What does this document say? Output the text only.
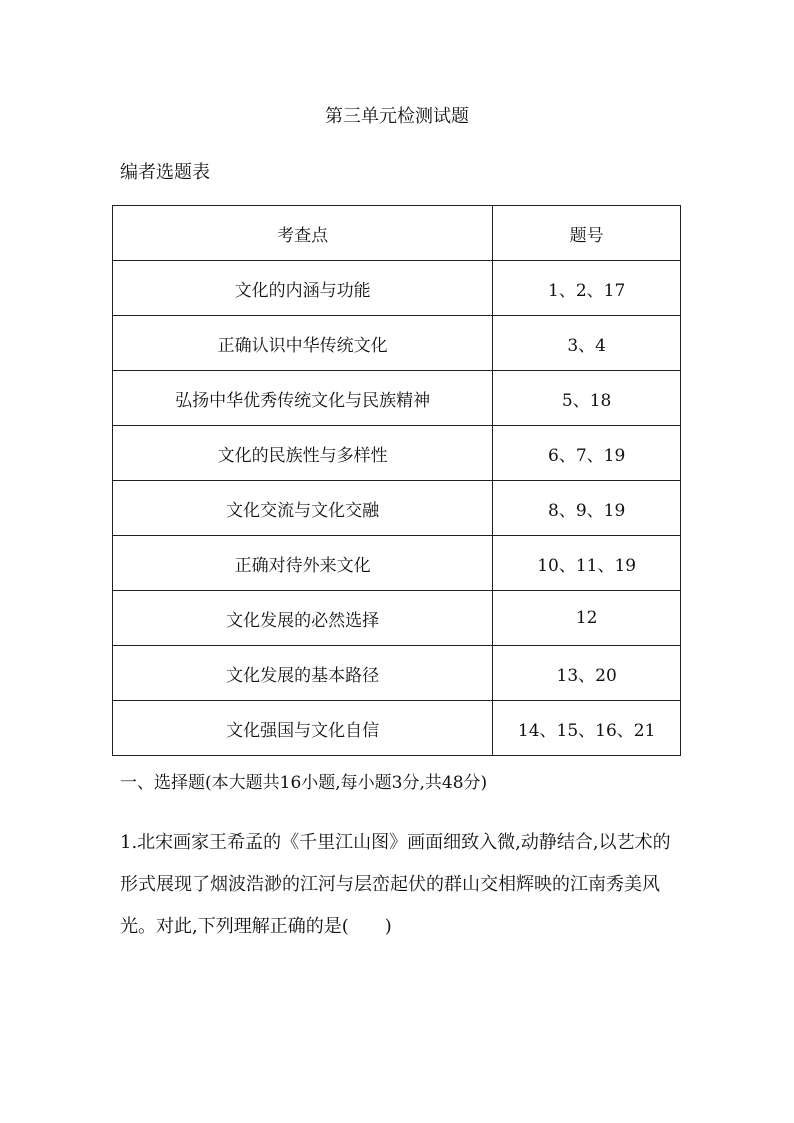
第三单元检测试题
编者选题表
考查点	题号
文化的内涵与功能	1、2、17
正确认识中华传统文化	3、4
弘扬中华优秀传统文化与民族精神	5、18
文化的民族性与多样性	6、7、19
文化交流与文化交融	8、9、19
正确对待外来文化	10、11、19
文化发展的必然选择	12
文化发展的基本路径	13、20
文化强国与文化自信	14、15、16、21
一、选择题(本大题共16小题,每小题3分,共48分)
1.北宋画家王希孟的《千里江山图》画面细致入微,动静结合,以艺术的形式展现了烟波浩渺的江河与层峦起伏的群山交相辉映的江南秀美风光。对此,下列理解正确的是(　　)
